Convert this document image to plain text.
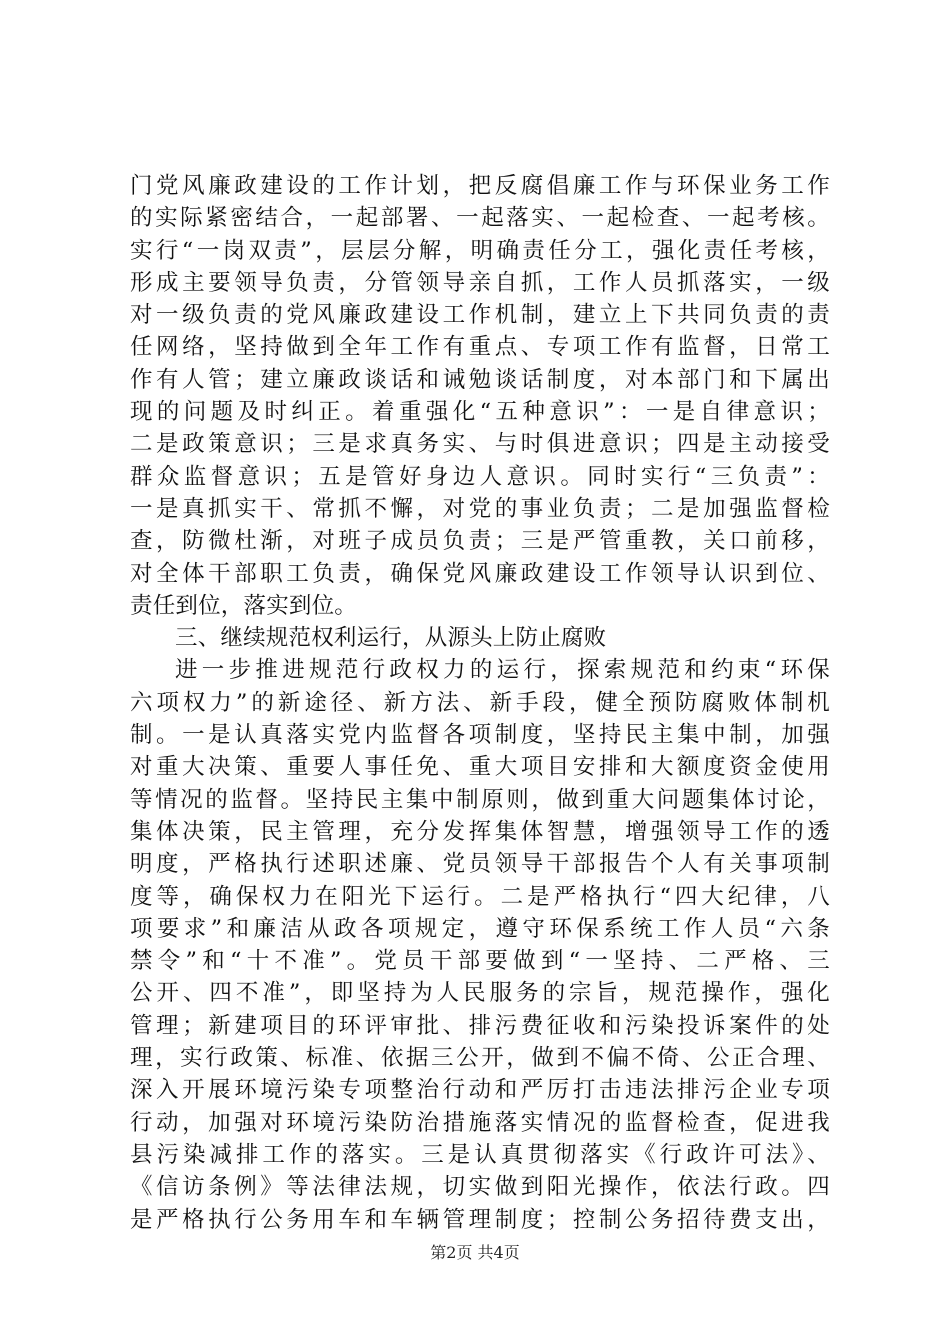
门党风廉政建设的工作计划，把反腐倡廉工作与环保业务工作
的实际紧密结合，一起部署、一起落实、一起检查、一起考核。
实行“一岗双责”，层层分解，明确责任分工，强化责任考核，
形成主要领导负责，分管领导亲自抓，工作人员抓落实，一级
对一级负责的党风廉政建设工作机制，建立上下共同负责的责
任网络，坚持做到全年工作有重点、专项工作有监督，日常工
作有人管；建立廉政谈话和诫勉谈话制度，对本部门和下属出
现的问题及时纠正。着重强化“五种意识”：一是自律意识；
二是政策意识；三是求真务实、与时俱进意识；四是主动接受
群众监督意识；五是管好身边人意识。同时实行“三负责”：
一是真抓实干、常抓不懈，对党的事业负责；二是加强监督检
查，防微杜渐，对班子成员负责；三是严管重教，关口前移，
对全体干部职工负责，确保党风廉政建设工作领导认识到位、
责任到位，落实到位。
三、继续规范权利运行，从源头上防止腐败
进一步推进规范行政权力的运行，探索规范和约束“环保
六项权力”的新途径、新方法、新手段，健全预防腐败体制机
制。一是认真落实党内监督各项制度，坚持民主集中制，加强
对重大决策、重要人事任免、重大项目安排和大额度资金使用
等情况的监督。坚持民主集中制原则，做到重大问题集体讨论，
集体决策，民主管理，充分发挥集体智慧，增强领导工作的透
明度，严格执行述职述廉、党员领导干部报告个人有关事项制
度等，确保权力在阳光下运行。二是严格执行“四大纪律，八
项要求”和廉洁从政各项规定，遵守环保系统工作人员“六条
禁令”和“十不准”。党员干部要做到“一坚持、二严格、三
公开、四不准”，即坚持为人民服务的宗旨，规范操作，强化
管理；新建项目的环评审批、排污费征收和污染投诉案件的处
理，实行政策、标准、依据三公开，做到不偏不倚、公正合理、
深入开展环境污染专项整治行动和严厉打击违法排污企业专项
行动，加强对环境污染防治措施落实情况的监督检查，促进我
县污染减排工作的落实。三是认真贯彻落实《行政许可法》、
《信访条例》等法律法规，切实做到阳光操作，依法行政。四
是严格执行公务用车和车辆管理制度；控制公务招待费支出，
第2页 共4页
